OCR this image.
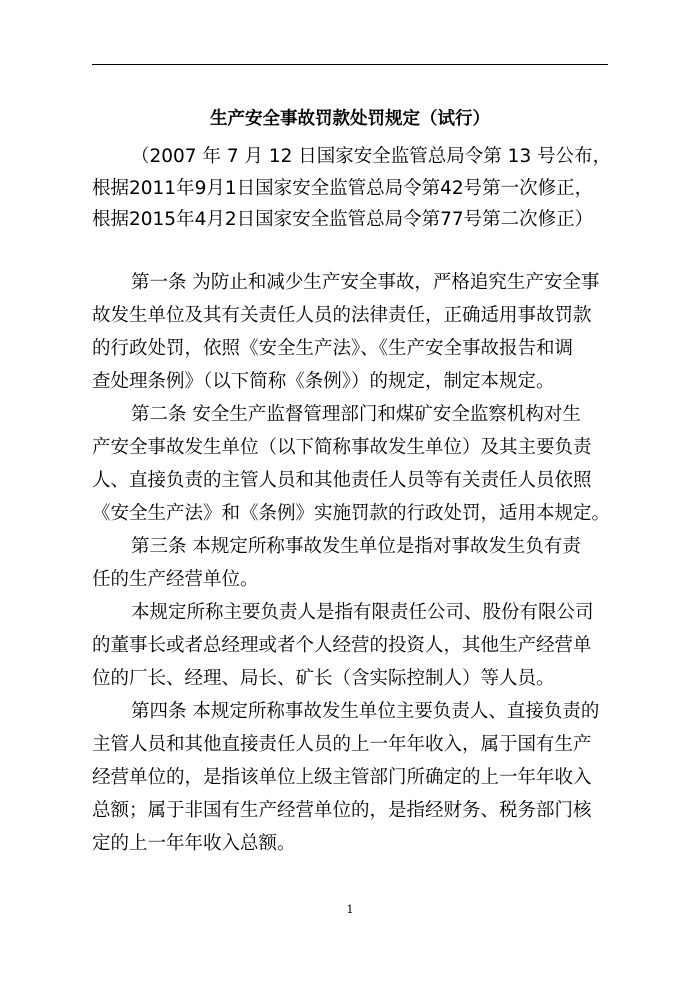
生产安全事故罚款处罚规定（试行）

（2007 年 7 月 12 日国家安全监管总局令第 13 号公布，

根据2011年9月1日国家安全监管总局令第42号第一次修正，

根据2015年4月2日国家安全监管总局令第77号第二次修正）

第一条 为防止和减少生产安全事故，严格追究生产安全事

故发生单位及其有关责任人员的法律责任，正确适用事故罚款

的行政处罚，依照《安全生产法》、《生产安全事故报告和调

查处理条例》（以下简称《条例》）的规定，制定本规定。

第二条 安全生产监督管理部门和煤矿安全监察机构对生

产安全事故发生单位（以下简称事故发生单位）及其主要负责

人、直接负责的主管人员和其他责任人员等有关责任人员依照

《安全生产法》和《条例》实施罚款的行政处罚，适用本规定。

第三条 本规定所称事故发生单位是指对事故发生负有责

任的生产经营单位。

本规定所称主要负责人是指有限责任公司、股份有限公司

的董事长或者总经理或者个人经营的投资人，其他生产经营单

位的厂长、经理、局长、矿长（含实际控制人）等人员。

第四条 本规定所称事故发生单位主要负责人、直接负责的

主管人员和其他直接责任人员的上一年年收入，属于国有生产

经营单位的，是指该单位上级主管部门所确定的上一年年收入

总额；属于非国有生产经营单位的，是指经财务、税务部门核

定的上一年年收入总额。

1
